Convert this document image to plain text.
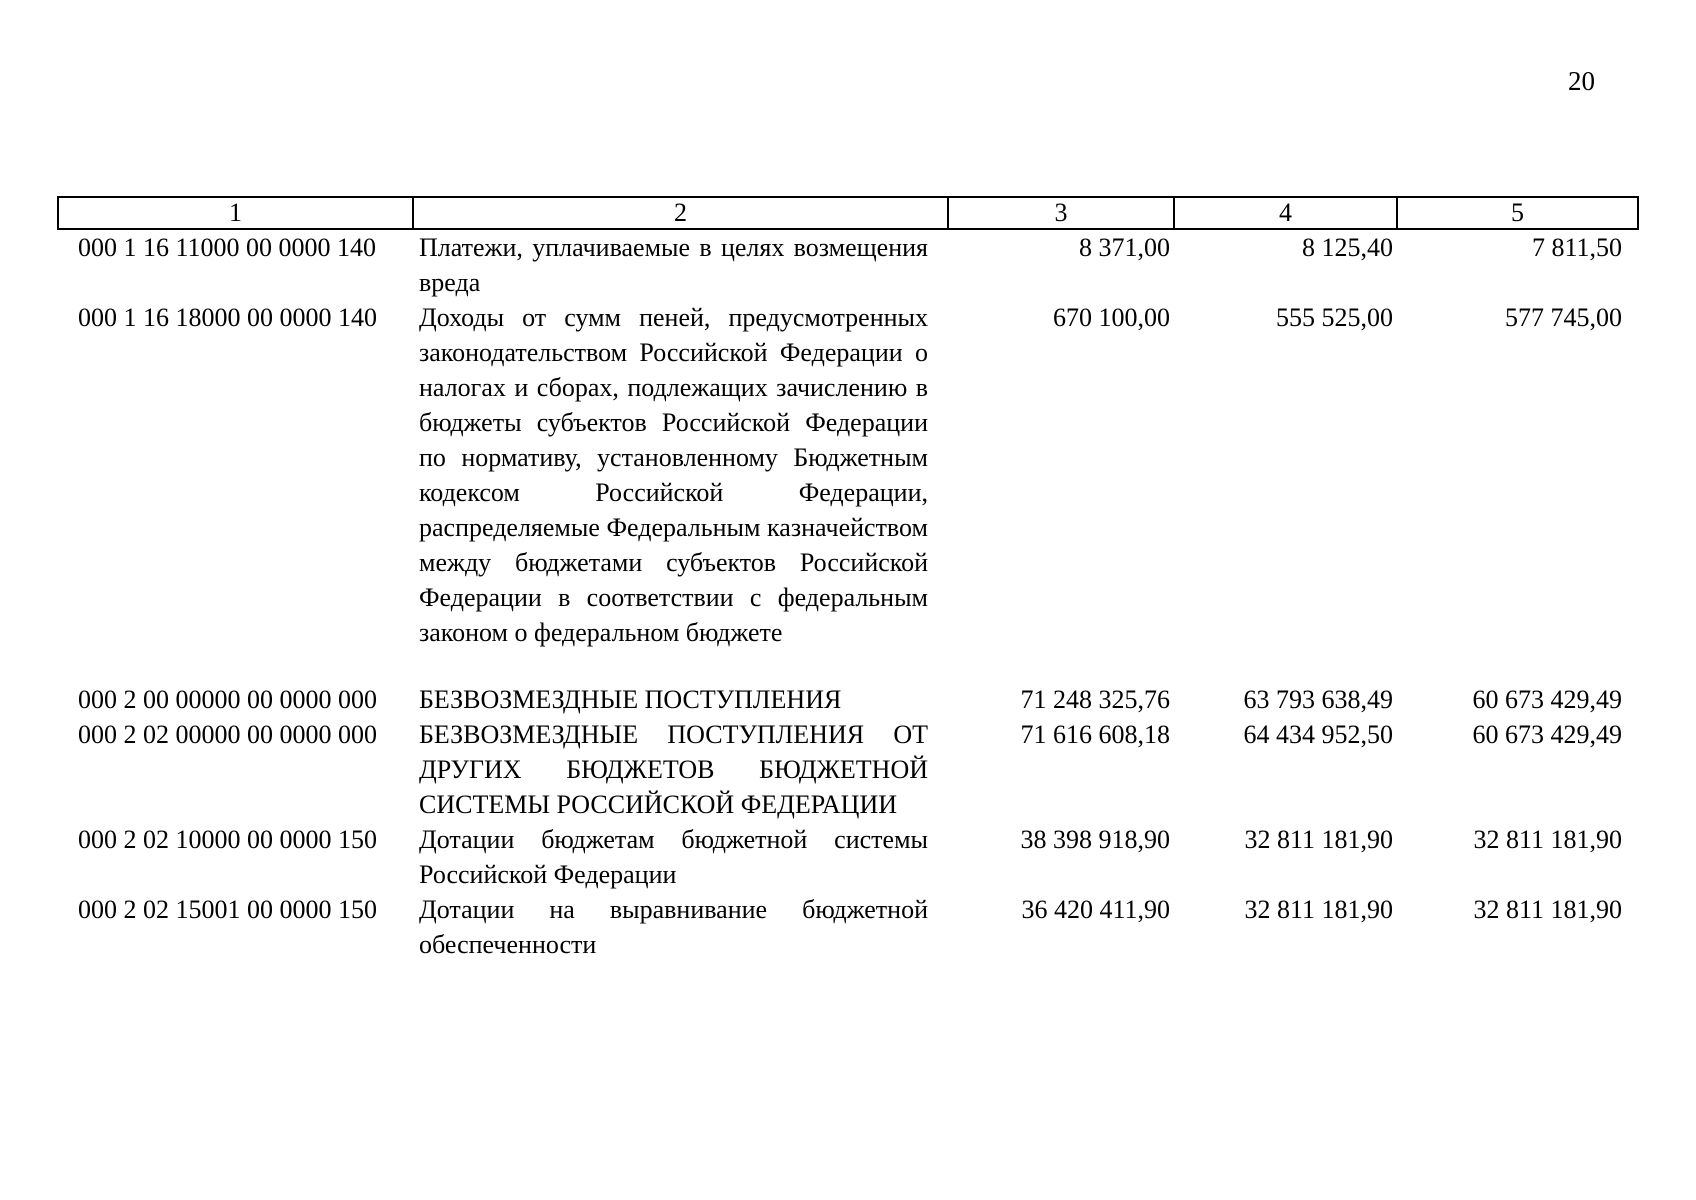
20
1	2	3	4	5
000 1 16 11000 00 0000 140	Платежи, уплачиваемые в целях возмещения вреда	8 371,00	8 125,40	7 811,50
000 1 16 18000 00 0000 140	Доходы от сумм пеней, предусмотренных законодательством Российской Федерации о налогах и сборах, подлежащих зачислению в бюджеты субъектов Российской Федерации по нормативу, установленному Бюджетным кодексом Российской Федерации, распределяемые Федеральным казначейством между бюджетами субъектов Российской Федерации в соответствии с федеральным законом о федеральном бюджете	670 100,00	555 525,00	577 745,00
000 2 00 00000 00 0000 000	БЕЗВОЗМЕЗДНЫЕ ПОСТУПЛЕНИЯ	71 248 325,76	63 793 638,49	60 673 429,49
000 2 02 00000 00 0000 000	БЕЗВОЗМЕЗДНЫЕ ПОСТУПЛЕНИЯ ОТ ДРУГИХ БЮДЖЕТОВ БЮДЖЕТНОЙ СИСТЕМЫ РОССИЙСКОЙ ФЕДЕРАЦИИ	71 616 608,18	64 434 952,50	60 673 429,49
000 2 02 10000 00 0000 150	Дотации бюджетам бюджетной системы Российской Федерации	38 398 918,90	32 811 181,90	32 811 181,90
000 2 02 15001 00 0000 150	Дотации на выравнивание бюджетной обеспеченности	36 420 411,90	32 811 181,90	32 811 181,90
